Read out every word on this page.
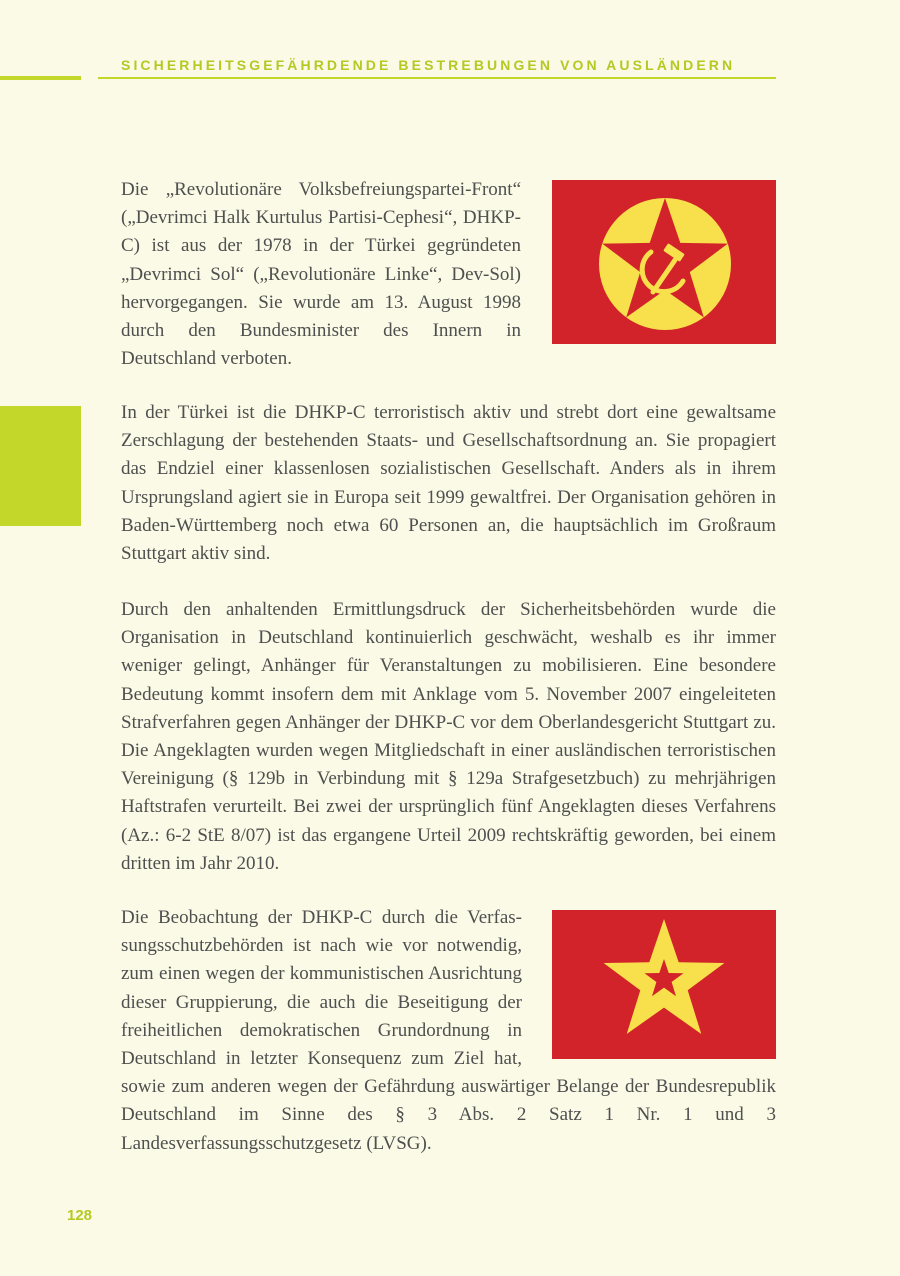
SICHERHEITSGEFÄHRDENDE BESTREBUNGEN VON AUSLÄNDERN

Die „Revolutionäre Volksbefreiungspartei-Front“ („Devrimci Halk Kurtulus Partisi-Cephesi“, DHKP-C) ist aus der 1978 in der Türkei gegründeten „Devrimci Sol“ („Revolutionäre Linke“, Dev-Sol) hervorgegangen. Sie wurde am 13. August 1998 durch den Bundesminister des Innern in Deutschland verboten.

In der Türkei ist die DHKP-C terroristisch aktiv und strebt dort eine gewaltsame Zerschlagung der bestehenden Staats- und Gesellschaftsordnung an. Sie propagiert das Endziel einer klassenlosen sozialistischen Gesellschaft. Anders als in ihrem Ursprungsland agiert sie in Europa seit 1999 gewaltfrei. Der Organisation gehören in Baden-Württemberg noch etwa 60 Personen an, die hauptsächlich im Großraum Stuttgart aktiv sind.

Durch den anhaltenden Ermittlungsdruck der Sicherheitsbehörden wurde die Organisation in Deutschland kontinuierlich geschwächt, weshalb es ihr immer weniger gelingt, Anhänger für Veranstaltungen zu mobilisieren. Eine besondere Bedeutung kommt insofern dem mit Anklage vom 5. November 2007 eingeleiteten Strafverfahren gegen Anhänger der DHKP-C vor dem Oberlandesgericht Stuttgart zu. Die Angeklagten wurden wegen Mitgliedschaft in einer ausländischen terroristischen Vereinigung (§ 129b in Verbindung mit § 129a Strafgesetzbuch) zu mehrjährigen Haftstrafen verurteilt. Bei zwei der ursprünglich fünf Angeklagten dieses Verfahrens (Az.: 6-2 StE 8/07) ist das ergangene Urteil 2009 rechtskräftig geworden, bei einem dritten im Jahr 2010.

Die Beobachtung der DHKP-C durch die Verfassungsschutzbehörden ist nach wie vor notwendig, zum einen wegen der kommunistischen Ausrichtung dieser Gruppierung, die auch die Beseitigung der freiheitlichen demokratischen Grundordnung in Deutschland in letzter Konsequenz zum Ziel hat, sowie zum anderen wegen der Gefährdung auswärtiger Belange der Bundesrepublik Deutschland im Sinne des § 3 Abs. 2 Satz 1 Nr. 1 und 3 Landesverfassungsschutzgesetz (LVSG).

128
